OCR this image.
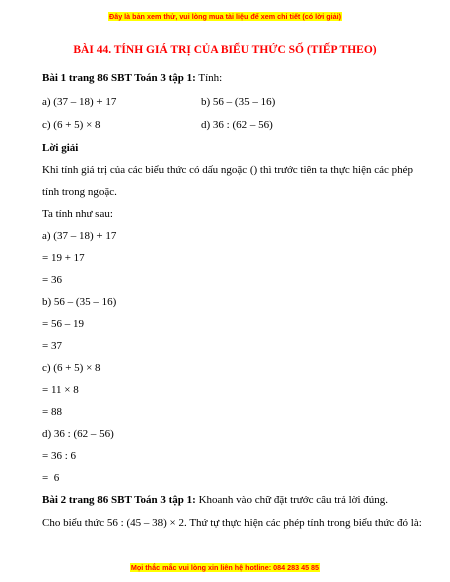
Đây là bản xem thử, vui lòng mua tài liệu để xem chi tiết (có lời giải)
BÀI 44. TÍNH GIÁ TRỊ CỦA BIỂU THỨC SỐ (TIẾP THEO)
Bài 1 trang 86 SBT Toán 3 tập 1: Tính:
a) (37 – 18) + 17	b) 56 – (35 – 16)
c) (6 + 5) × 8	d) 36 : (62 – 56)
Lời giải
Khi tính giá trị của các biểu thức có dấu ngoặc () thì trước tiên ta thực hiện các phép
tính trong ngoặc.
Ta tính như sau:
a) (37 – 18) + 17
= 19 + 17
= 36
b) 56 – (35 – 16)
= 56 – 19
= 37
c) (6 + 5) × 8
= 11 × 8
= 88
d) 36 : (62 – 56)
= 36 : 6
=  6
Bài 2 trang 86 SBT Toán 3 tập 1: Khoanh vào chữ đặt trước câu trả lời đúng.
Cho biểu thức 56 : (45 – 38) × 2. Thứ tự thực hiện các phép tính trong biểu thức đó là:
Mọi thắc mắc vui lòng xin liên hệ hotline: 084 283 45 85
